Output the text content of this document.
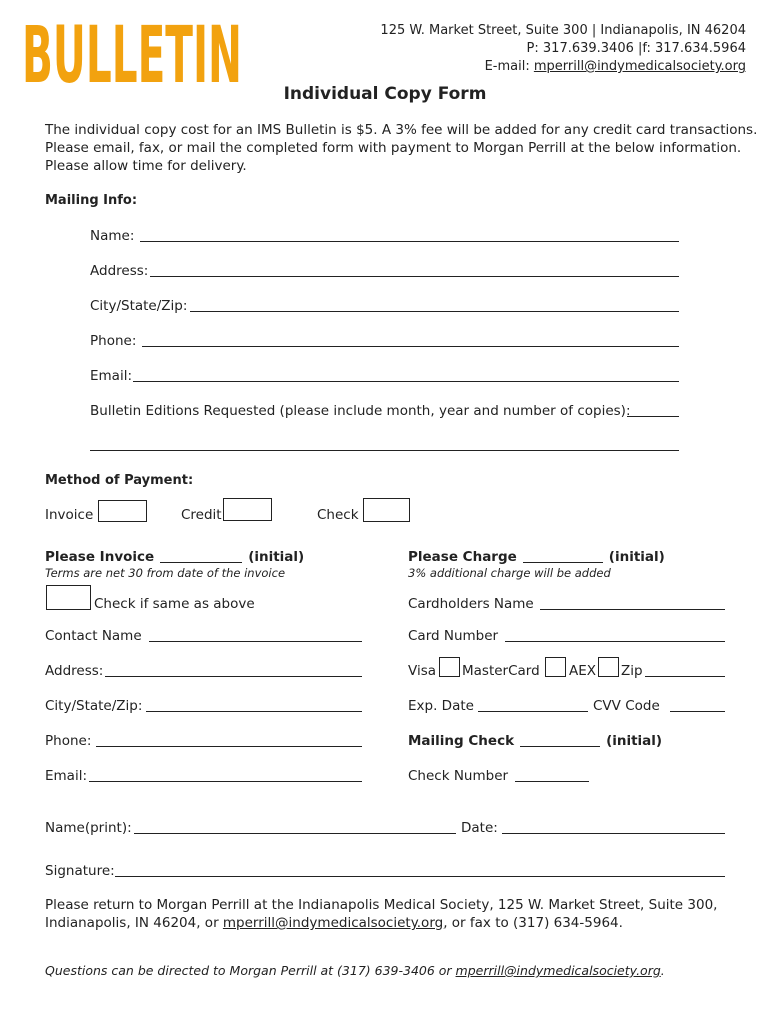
BULLETIN	125 W. Market Street, Suite 300 | Indianapolis, IN 46204
P: 317.639.3406 |f: 317.634.5964
E-mail: mperrill@indymedicalsociety.org
Individual Copy Form
The individual copy cost for an IMS Bulletin is $5. A 3% fee will be added for any credit card transactions.
Please email, fax, or mail the completed form with payment to Morgan Perrill at the below information.
Please allow time for delivery.
Mailing Info:
Name:
Address:
City/State/Zip:
Phone:
Email:
Bulletin Editions Requested (please include month, year and number of copies):
Method of Payment:
Invoice	Credit	Check
Please Invoice	(initial)
Terms are net 30 from date of the invoice
Check if same as above
Contact Name
Address:
City/State/Zip:
Phone:
Email:
Please Charge	(initial)
3% additional charge will be added
Cardholders Name
Card Number
Visa MasterCard AEX Zip
Exp. Date	CVV Code
Mailing Check	(initial)
Check Number
Name(print):	Date:
Signature:
Please return to Morgan Perrill at the Indianapolis Medical Society, 125 W. Market Street, Suite 300,
Indianapolis, IN 46204, or mperrill@indymedicalsociety.org, or fax to (317) 634-5964.
Questions can be directed to Morgan Perrill at (317) 639-3406 or mperrill@indymedicalsociety.org.
